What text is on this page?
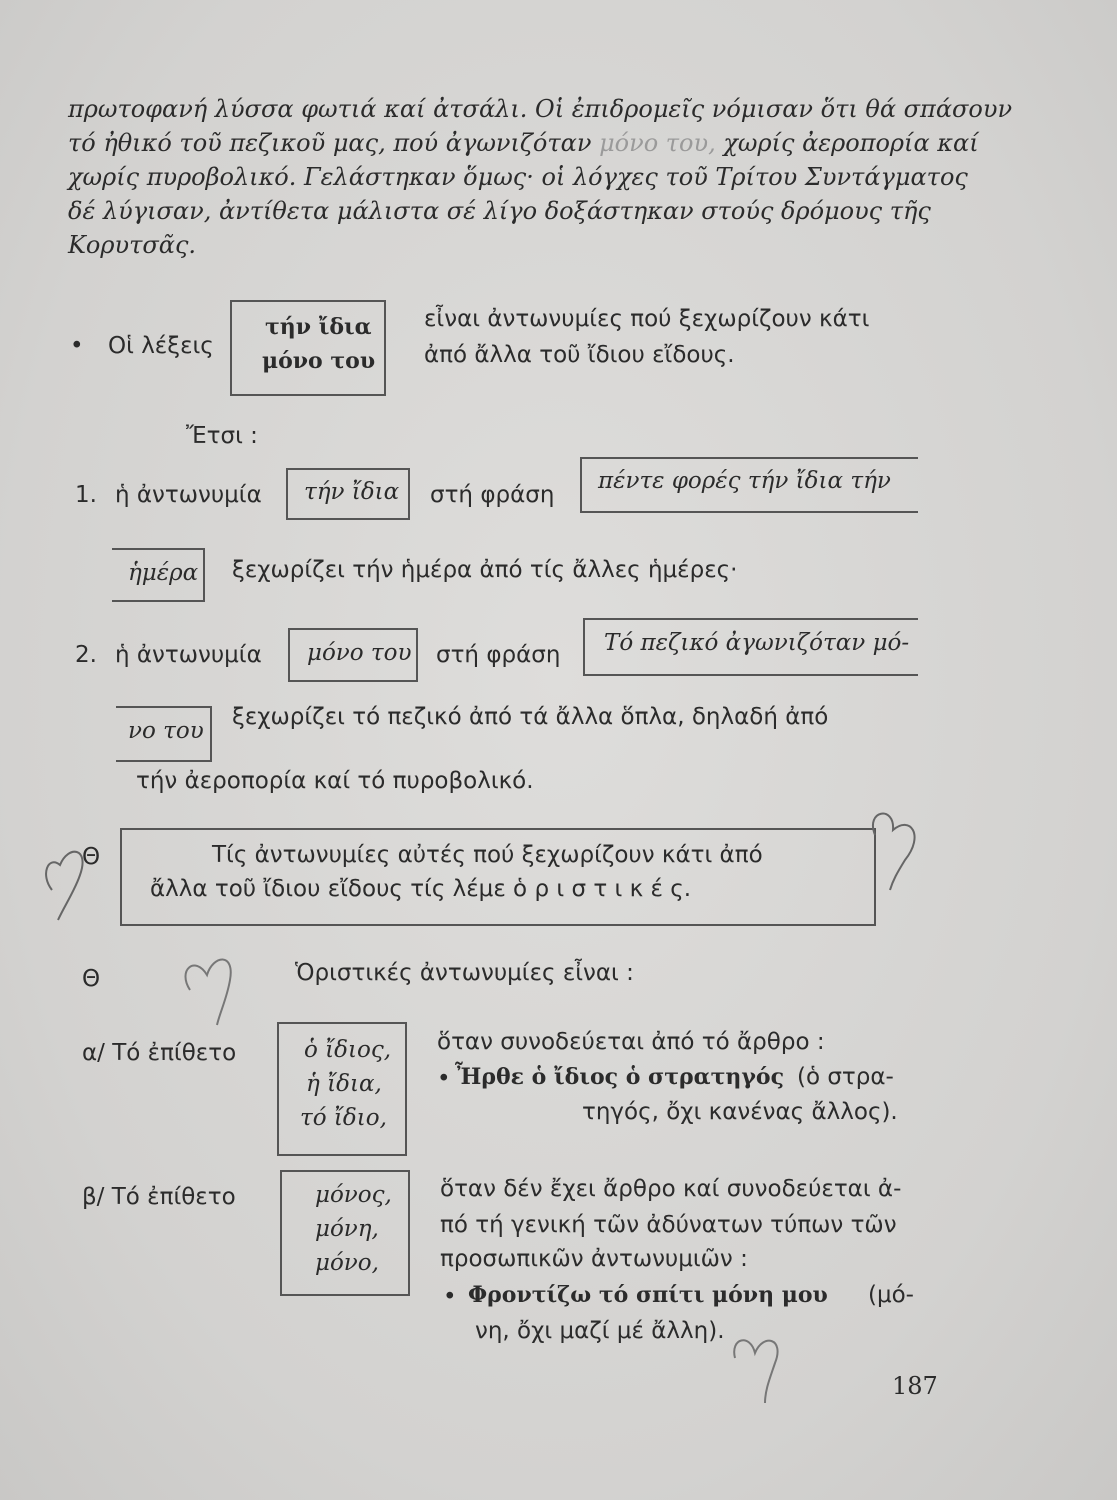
πρωτοφανή λύσσα φωτιά καί ἀτσάλι. Οἱ ἐπιδρομεῖς νόμισαν ὅτι θά σπάσουν
τό ἠθικό τοῦ πεζικοῦ μας, πού ἀγωνιζόταν μόνο του, χωρίς ἀεροπορία καί
χωρίς πυροβολικό. Γελάστηκαν ὅμως· οἱ λόγχες τοῦ Τρίτου Συντάγματος
δέ λύγισαν, ἀντίθετα μάλιστα σέ λίγο δοξάστηκαν στούς δρόμους τῆς
Κορυτσᾶς.
• Οἱ λέξεις
τήν ἴδια
μόνο του
εἶναι ἀντωνυμίες πού ξεχωρίζουν κάτι
ἀπό ἄλλα τοῦ ἴδιου εἴδους.
Ἔτσι :
1. ἡ ἀντωνυμία τήν ἴδια στή φράση
πέντε φορές τήν ἴδια τήν
ἡμέρα ξεχωρίζει τήν ἡμέρα ἀπό τίς ἄλλες ἡμέρες·
2. ἡ ἀντωνυμία μόνο του στή φράση Τό πεζικό ἀγωνιζόταν μό-
νο του
ξεχωρίζει τό πεζικό ἀπό τά ἄλλα ὅπλα, δηλαδή ἀπό
τήν ἀεροπορία καί τό πυροβολικό.
Θ	Τίς ἀντωνυμίες αὐτές πού ξεχωρίζουν κάτι ἀπό
ἄλλα τοῦ ἴδιου εἴδους τίς λέμε ὁ ρ ι σ τ ι κ έ ς.
Θ	Ὁριστικές ἀντωνυμίες εἶναι :
α/ Τό ἐπίθετο	ὁ ἴδιος,
ἡ ἴδια,
τό ἴδιο,
ὅταν συνοδεύεται ἀπό τό ἄρθρο :
• Ἦρθε ὁ ἴδιος ὁ στρατηγός (ὁ στρα-
τηγός, ὄχι κανένας ἄλλος).
β/ Τό ἐπίθετο	μόνος,
μόνη,
μόνο,
ὅταν δέν ἔχει ἄρθρο καί συνοδεύεται ἀ-
πό τή γενική τῶν ἀδύνατων τύπων τῶν
προσωπικῶν ἀντωνυμιῶν :
• Φροντίζω τό σπίτι μόνη μου (μό-
νη, ὄχι μαζί μέ ἄλλη).
187
